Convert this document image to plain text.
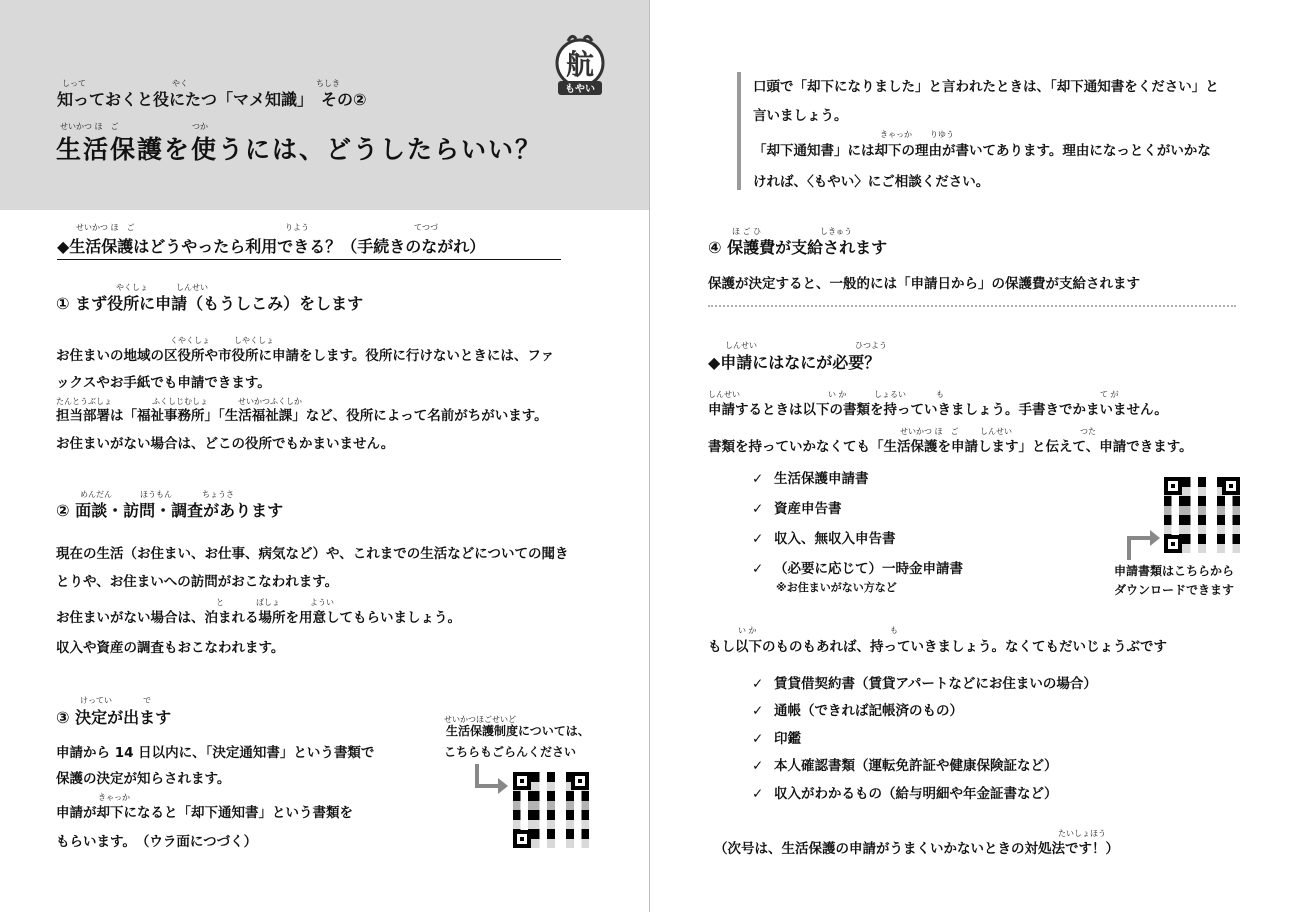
しって	やく	ちしき
知っておくと役にたつ「マメ知識」　その②
せいかつ ほ　ご	つか
生活保護を使うには、どうしたらいい？
航
もやい
せいかつ ほ　ご	りよう	てつづ
◆生活保護はどうやったら利用できる？（手続きのながれ）
やくしょ	しんせい
① まず役所に申請（もうしこみ）をします
くやくしょ	しやくしょ
お住まいの地域の区役所や市役所に申請をします。役所に行けないときには、ファ
ックスやお手紙でも申請できます。
たんとうぶしょ	ふくしじむしょ	せいかつふくしか
担当部署は「福祉事務所」「生活福祉課」など、役所によって名前がちがいます。
お住まいがない場合は、どこの役所でもかまいません。
めんだん	ほうもん	ちょうさ
② 面談・訪問・調査があります
現在の生活（お住まい、お仕事、病気など）や、これまでの生活などについての聞き
とりや、お住まいへの訪問がおこなわれます。
と	ばしょ	ようい
お住まいがない場合は、泊まれる場所を用意してもらいましょう。
収入や資産の調査もおこなわれます。
けってい	で
③ 決定が出ます
申請から 14 日以内に、「決定通知書」という書類で
保護の決定が知らされます。
きゃっか
申請が却下になると「却下通知書」という書類を
もらいます。　（ウラ面につづく）
せいかつほごせいど
生活保護制度については、
こちらもごらんください
口頭で「却下になりました」と言われたときは、「却下通知書をください」と
言いましょう。
きゃっか りゆう
「却下通知書」には却下の理由が書いてあります。理由になっとくがいかな
ければ、〈もやい〉にご相談ください。
ほ ご ひ	しきゅう
④ 保護費が支給されます
保護が決定すると、一般的には「申請日から」の保護費が支給されます
しんせい	ひつよう
◆申請にはなにが必要？
しんせい	い か	しょるい	も	て が
申請するときは以下の書類を持っていきましょう。手書きでかまいません。
せいかつ ほ　ご	しんせい	つた
書類を持っていかなくても「生活保護を申請します」と伝えて、申請できます。
✓ 生活保護申請書
✓ 資産申告書
✓ 収入、無収入申告書
✓ （必要に応じて）一時金申請書
※お住まいがない方など
申請書類はこちらから
ダウンロードできます
い か	も
もし以下のものもあれば、持っていきましょう。なくてもだいじょうぶです
✓ 賃貸借契約書（賃貸アパートなどにお住まいの場合）
✓ 通帳（できれば記帳済のもの）
✓ 印鑑
✓ 本人確認書類（運転免許証や健康保険証など）
✓ 収入がわかるもの（給与明細や年金証書など）
たいしょほう
（次号は、生活保護の申請がうまくいかないときの対処法です！）
